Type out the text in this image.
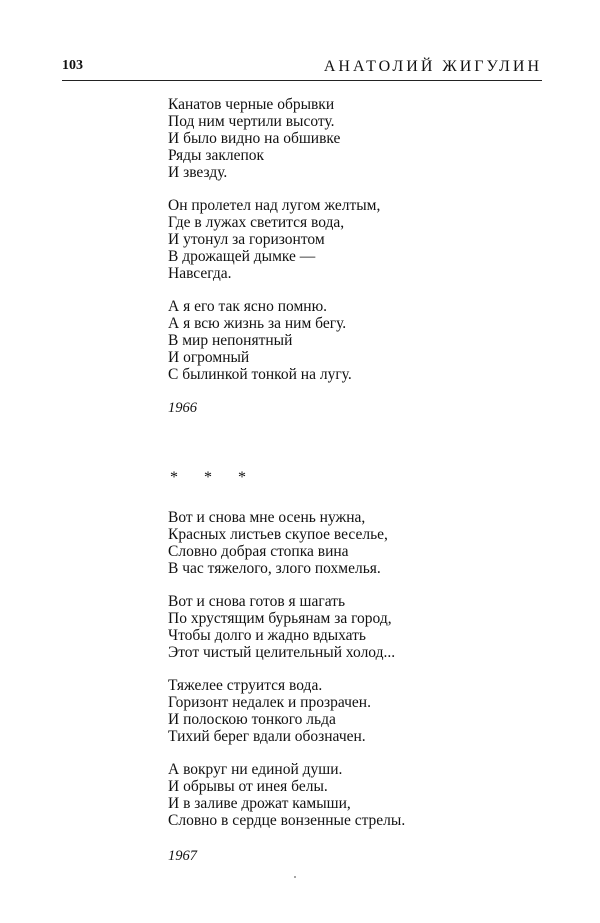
103	АНАТОЛИЙ ЖИГУЛИН
Канатов черные обрывки
Под ним чертили высоту.
И было видно на обшивке
Ряды заклепок
И звезду.
Он пролетел над лугом желтым,
Где в лужах светится вода,
И утонул за горизонтом
В дрожащей дымке —
Навсегда.
А я его так ясно помню.
А я всю жизнь за ним бегу.
В мир непонятный
И огромный
С былинкой тонкой на лугу.
1966
* * *
Вот и снова мне осень нужна,
Красных листьев скупое веселье,
Словно добрая стопка вина
В час тяжелого, злого похмелья.
Вот и снова готов я шагать
По хрустящим бурьянам за город,
Чтобы долго и жадно вдыхать
Этот чистый целительный холод...
Тяжелее струится вода.
Горизонт недалек и прозрачен.
И полоскою тонкого льда
Тихий берег вдали обозначен.
А вокруг ни единой души.
И обрывы от инея белы.
И в заливе дрожат камыши,
Словно в сердце вонзенные стрелы.
1967
